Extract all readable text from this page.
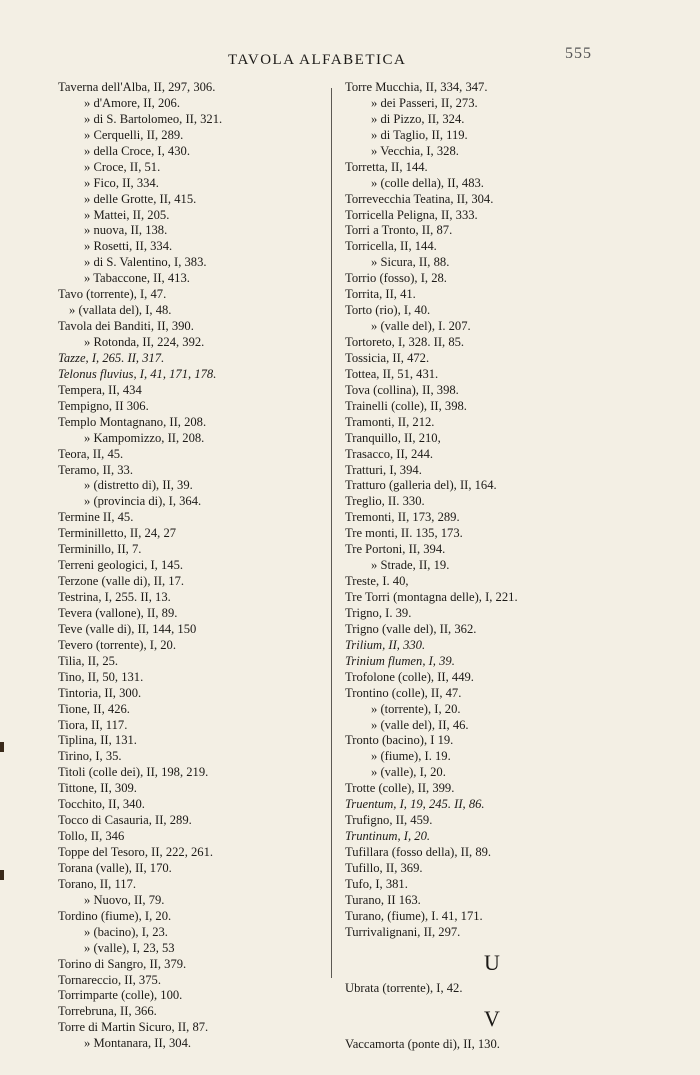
TAVOLA ALFABETICA	555
Taverna dell'Alba, II, 297, 306.
» d'Amore, II, 206.
» di S. Bartolomeo, II, 321.
» Cerquelli, II, 289.
» della Croce, I, 430.
» Croce, II, 51.
» Fico, II, 334.
» delle Grotte, II, 415.
» Mattei, II, 205.
» nuova, II, 138.
» Rosetti, II, 334.
» di S. Valentino, I, 383.
» Tabaccone, II, 413.
Tavo (torrente), I, 47.
» (vallata del), I, 48.
Tavola dei Banditi, II, 390.
» Rotonda, II, 224, 392.
Tazze, I, 265. II, 317.
Telonus fluvius, I, 41, 171, 178.
Tempera, II, 434
Tempigno, II 306.
Templo Montagnano, II, 208.
» Kampomizzo, II, 208.
Teora, II, 45.
Teramo, II, 33.
» (distretto di), II, 39.
» (provincia di), I, 364.
Termine II, 45.
Terminilletto, II, 24, 27
Terminillo, II, 7.
Terreni geologici, I, 145.
Terzone (valle di), II, 17.
Testrina, I, 255. II, 13.
Tevera (vallone), II, 89.
Teve (valle di), II, 144, 150
Tevero (torrente), I, 20.
Tilia, II, 25.
Tino, II, 50, 131.
Tintoria, II, 300.
Tione, II, 426.
Tiora, II, 117.
Tiplina, II, 131.
Tirino, I, 35.
Titoli (colle dei), II, 198, 219.
Tittone, II, 309.
Tocchito, II, 340.
Tocco di Casauria, II, 289.
Tollo, II, 346
Toppe del Tesoro, II, 222, 261.
Torana (valle), II, 170.
Torano, II, 117.
» Nuovo, II, 79.
Tordino (fiume), I, 20.
» (bacino), I, 23.
» (valle), I, 23, 53
Torino di Sangro, II, 379.
Tornareccio, II, 375.
Torrimparte (colle), 100.
Torrebruna, II, 366.
Torre di Martin Sicuro, II, 87.
» Montanara, II, 304.
Torre Mucchia, II, 334, 347.
» dei Passeri, II, 273.
» di Pizzo, II, 324.
» di Taglio, II, 119.
» Vecchia, I, 328.
Torretta, II, 144.
» (colle della), II, 483.
Torrevecchia Teatina, II, 304.
Torricella Peligna, II, 333.
Torri a Tronto, II, 87.
Torricella, II, 144.
» Sicura, II, 88.
Torrio (fosso), I, 28.
Torrita, II, 41.
Torto (rio), I, 40.
» (valle del), I. 207.
Tortoreto, I, 328. II, 85.
Tossicia, II, 472.
Tottea, II, 51, 431.
Tova (collina), II, 398.
Trainelli (colle), II, 398.
Tramonti, II, 212.
Tranquillo, II, 210,
Trasacco, II, 244.
Tratturi, I, 394.
Tratturo (galleria del), II, 164.
Treglio, II. 330.
Tremonti, II, 173, 289.
Tre monti, II. 135, 173.
Tre Portoni, II, 394.
» Strade, II, 19.
Treste, I. 40,
Tre Torri (montagna delle), I, 221.
Trigno, I. 39.
Trigno (valle del), II, 362.
Trilium, II, 330.
Trinium flumen, I, 39.
Trofolone (colle), II, 449.
Trontino (colle), II, 47.
» (torrente), I, 20.
» (valle del), II, 46.
Tronto (bacino), I 19.
» (fiume), I. 19.
» (valle), I, 20.
Trotte (colle), II, 399.
Truentum, I, 19, 245. II, 86.
Trufigno, II, 459.
Truntinum, I, 20.
Tufillara (fosso della), II, 89.
Tufillo, II, 369.
Tufo, I, 381.
Turano, II 163.
Turano, (fiume), I. 41, 171.
Turrivalignani, II, 297.
U
Ubrata (torrente), I, 42.
V
Vaccamorta (ponte di), II, 130.
